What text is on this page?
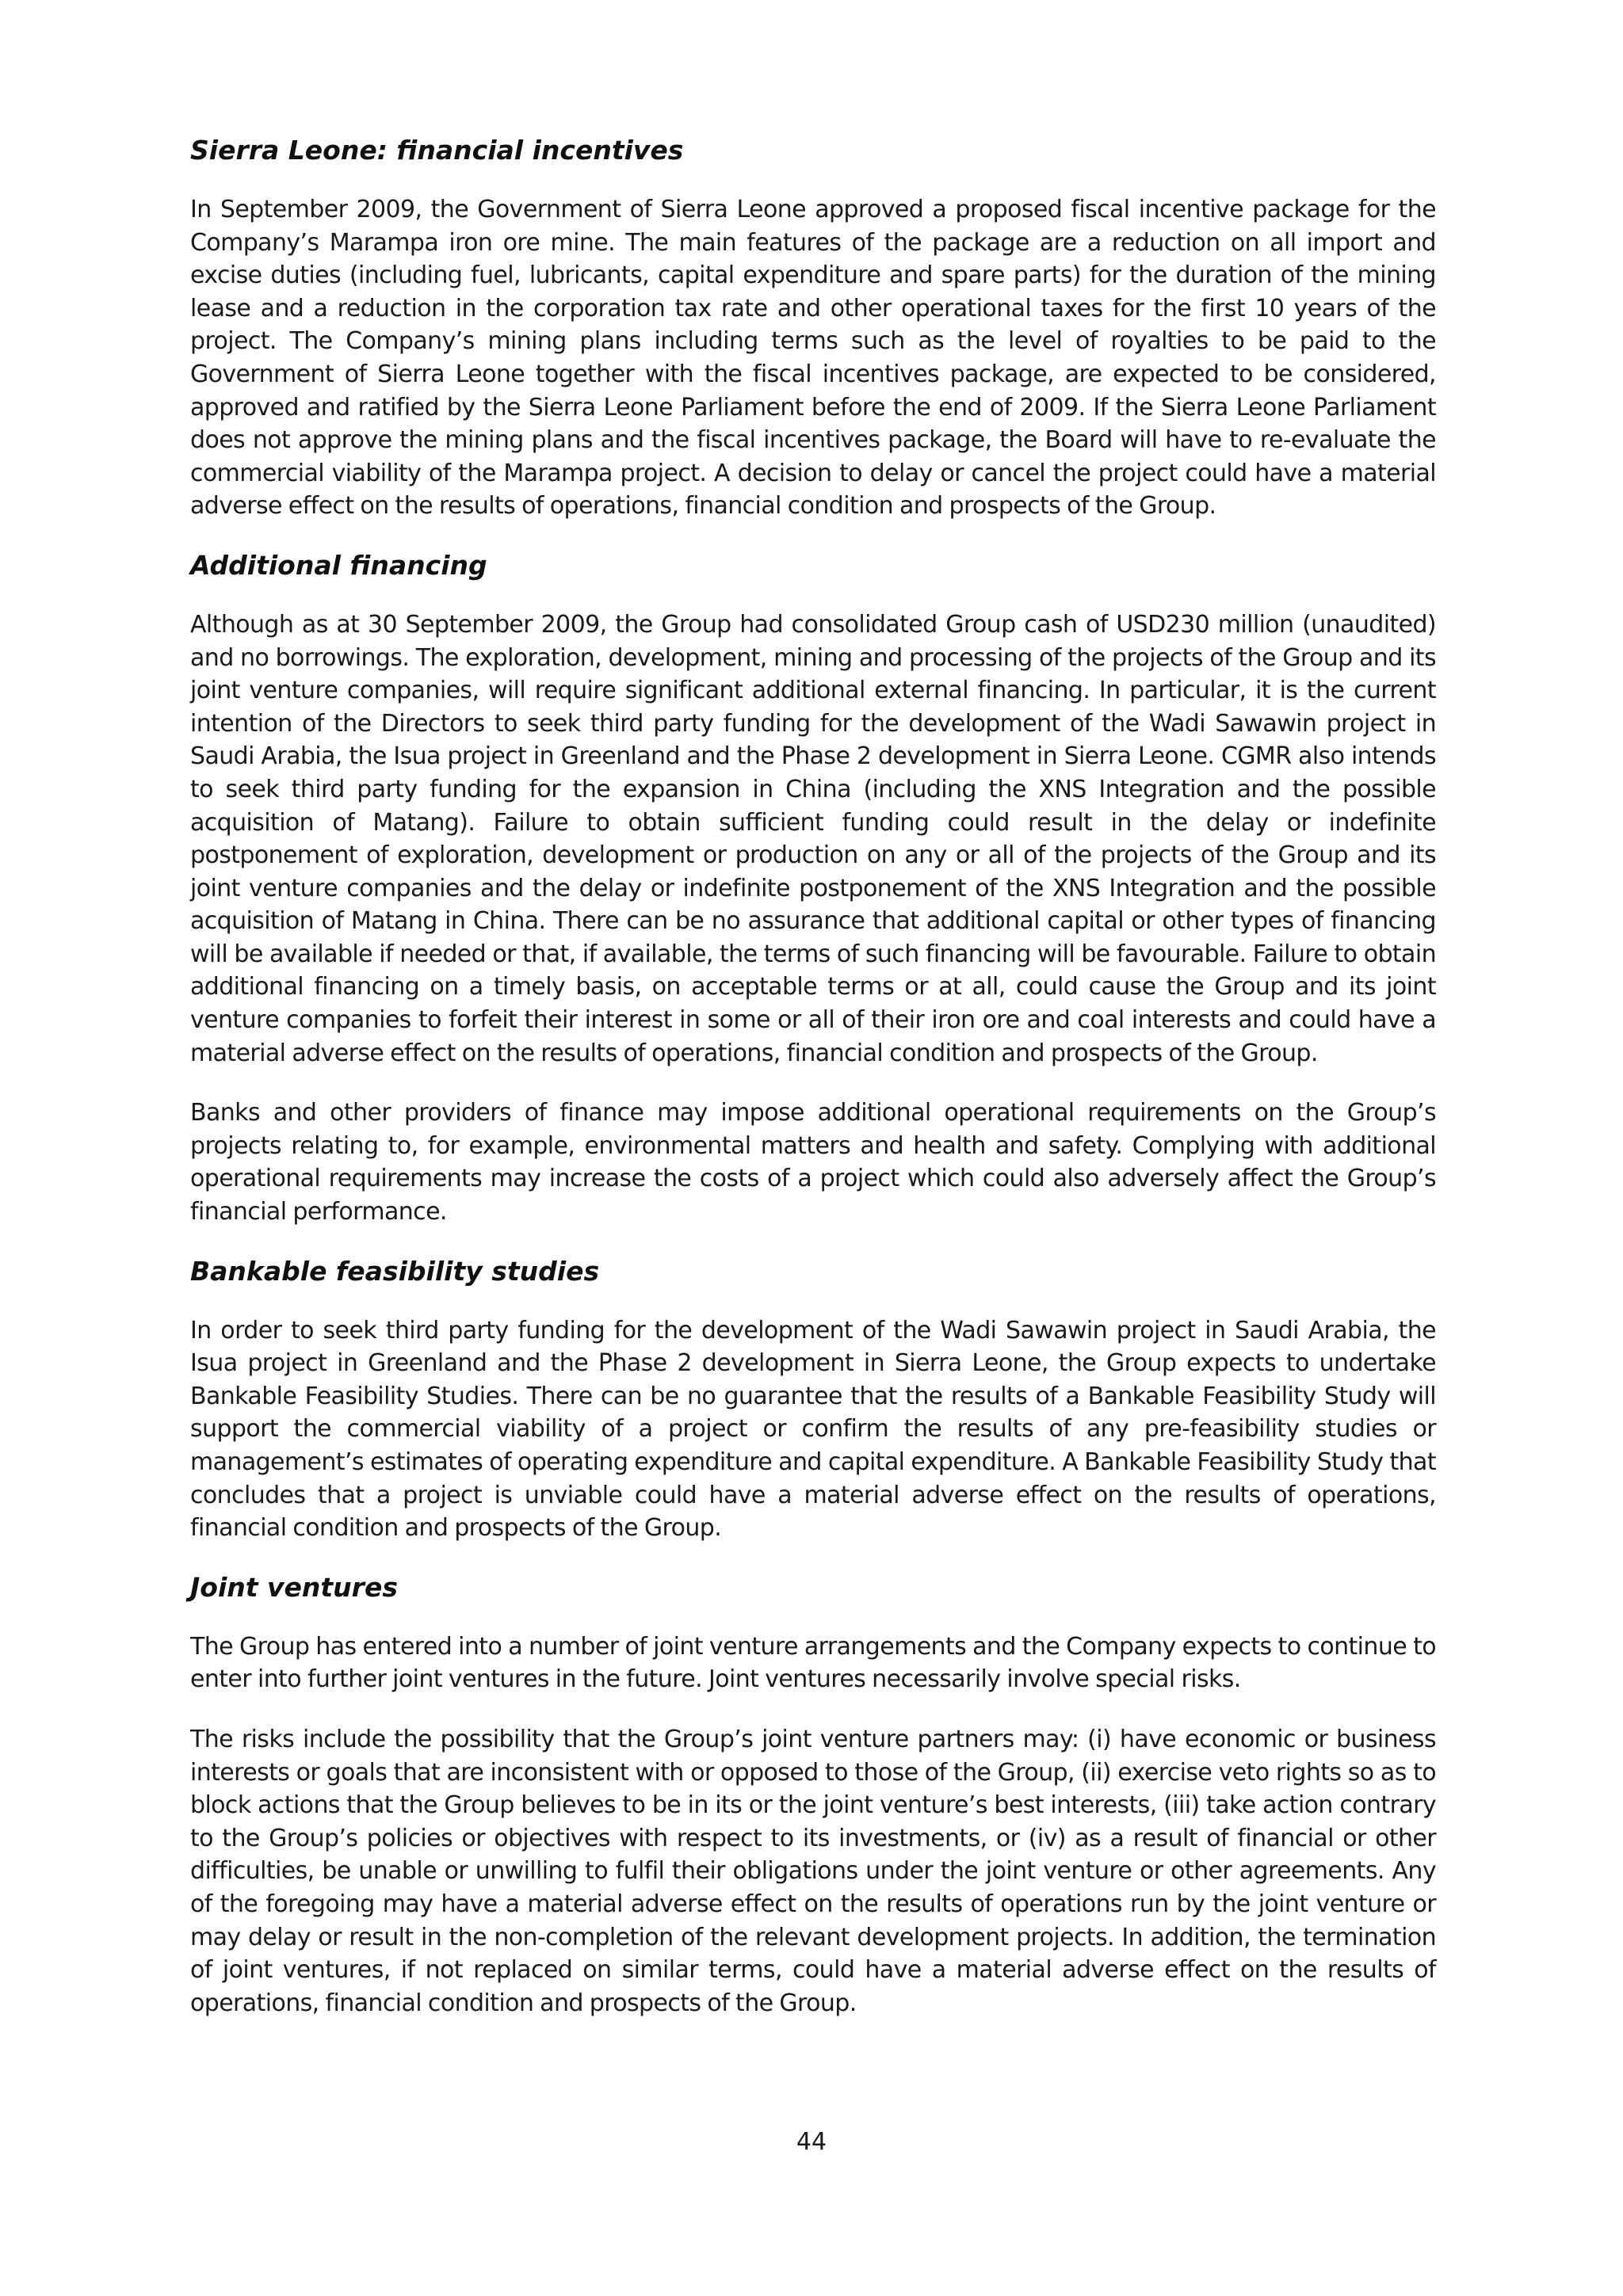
Sierra Leone: financial incentives

In September 2009, the Government of Sierra Leone approved a proposed fiscal incentive package for the Company’s Marampa iron ore mine. The main features of the package are a reduction on all import and excise duties (including fuel, lubricants, capital expenditure and spare parts) for the duration of the mining lease and a reduction in the corporation tax rate and other operational taxes for the first 10 years of the project. The Company’s mining plans including terms such as the level of royalties to be paid to the Government of Sierra Leone together with the fiscal incentives package, are expected to be considered, approved and ratified by the Sierra Leone Parliament before the end of 2009. If the Sierra Leone Parliament does not approve the mining plans and the fiscal incentives package, the Board will have to re-evaluate the commercial viability of the Marampa project. A decision to delay or cancel the project could have a material adverse effect on the results of operations, financial condition and prospects of the Group.

Additional financing

Although as at 30 September 2009, the Group had consolidated Group cash of USD230 million (unaudited) and no borrowings. The exploration, development, mining and processing of the projects of the Group and its joint venture companies, will require significant additional external financing. In particular, it is the current intention of the Directors to seek third party funding for the development of the Wadi Sawawin project in Saudi Arabia, the Isua project in Greenland and the Phase 2 development in Sierra Leone. CGMR also intends to seek third party funding for the expansion in China (including the XNS Integration and the possible acquisition of Matang). Failure to obtain sufficient funding could result in the delay or indefinite postponement of exploration, development or production on any or all of the projects of the Group and its joint venture companies and the delay or indefinite postponement of the XNS Integration and the possible acquisition of Matang in China. There can be no assurance that additional capital or other types of financing will be available if needed or that, if available, the terms of such financing will be favourable. Failure to obtain additional financing on a timely basis, on acceptable terms or at all, could cause the Group and its joint venture companies to forfeit their interest in some or all of their iron ore and coal interests and could have a material adverse effect on the results of operations, financial condition and prospects of the Group.

Banks and other providers of finance may impose additional operational requirements on the Group’s projects relating to, for example, environmental matters and health and safety. Complying with additional operational requirements may increase the costs of a project which could also adversely affect the Group’s financial performance.

Bankable feasibility studies

In order to seek third party funding for the development of the Wadi Sawawin project in Saudi Arabia, the Isua project in Greenland and the Phase 2 development in Sierra Leone, the Group expects to undertake Bankable Feasibility Studies. There can be no guarantee that the results of a Bankable Feasibility Study will support the commercial viability of a project or confirm the results of any pre-feasibility studies or management’s estimates of operating expenditure and capital expenditure. A Bankable Feasibility Study that concludes that a project is unviable could have a material adverse effect on the results of operations, financial condition and prospects of the Group.

Joint ventures

The Group has entered into a number of joint venture arrangements and the Company expects to continue to enter into further joint ventures in the future. Joint ventures necessarily involve special risks.

The risks include the possibility that the Group’s joint venture partners may: (i) have economic or business interests or goals that are inconsistent with or opposed to those of the Group, (ii) exercise veto rights so as to block actions that the Group believes to be in its or the joint venture’s best interests, (iii) take action contrary to the Group’s policies or objectives with respect to its investments, or (iv) as a result of financial or other difficulties, be unable or unwilling to fulfil their obligations under the joint venture or other agreements. Any of the foregoing may have a material adverse effect on the results of operations run by the joint venture or may delay or result in the non-completion of the relevant development projects. In addition, the termination of joint ventures, if not replaced on similar terms, could have a material adverse effect on the results of operations, financial condition and prospects of the Group.

44
